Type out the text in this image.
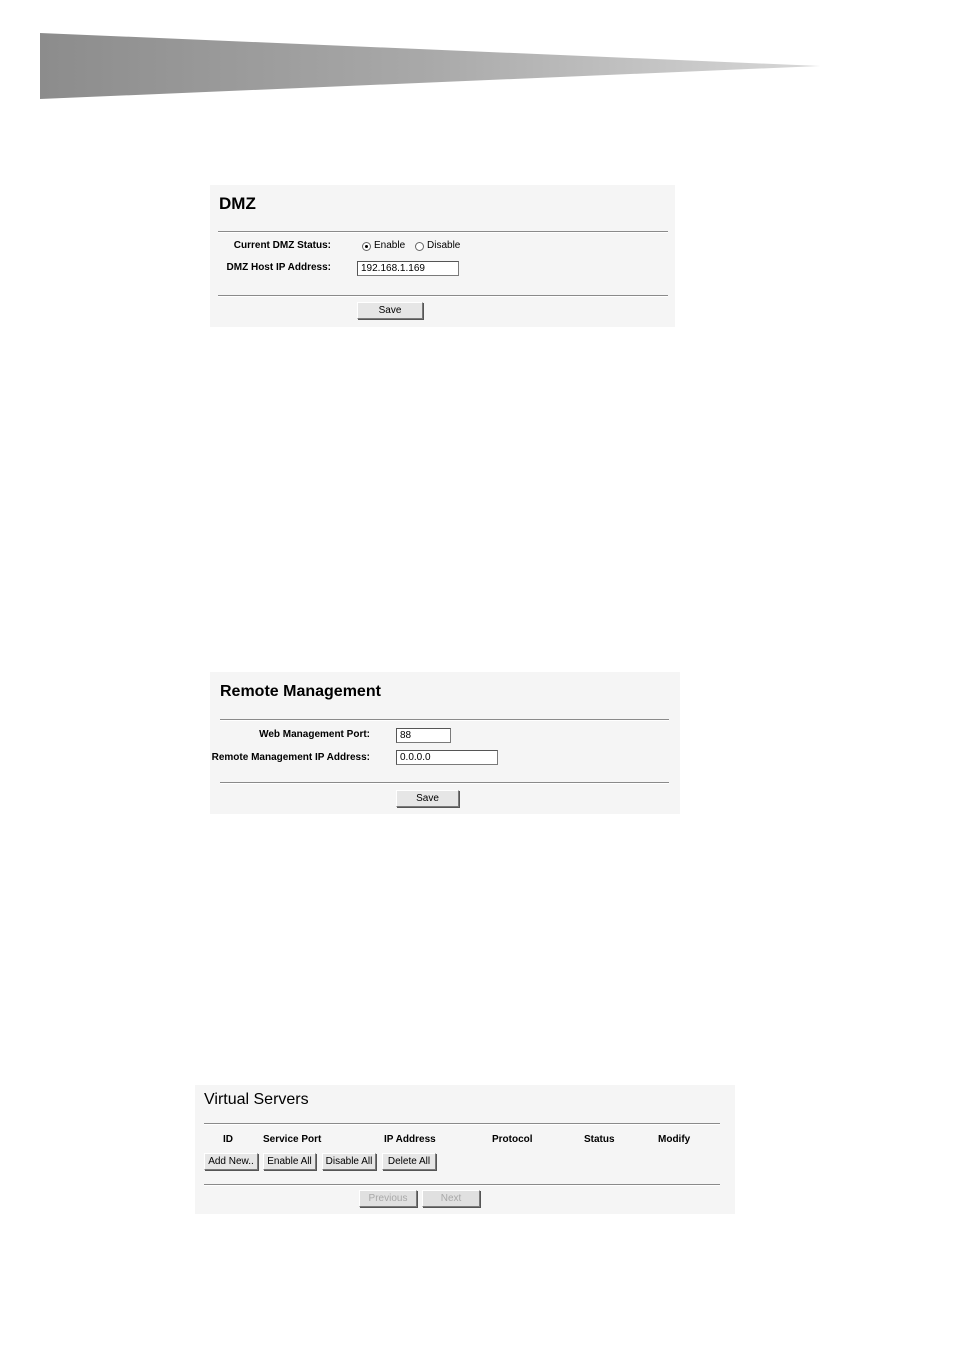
DMZ
Current DMZ Status:	Enable Disable
DMZ Host IP Address:	192.168.1.169
Save
Remote Management
Web Management Port:	88
Remote Management IP Address:	0.0.0.0
Save
Virtual Servers
ID	Service Port	IP Address	Protocol	Status	Modify
Add New..	Enable All	Disable All	Delete All
Previous	Next
